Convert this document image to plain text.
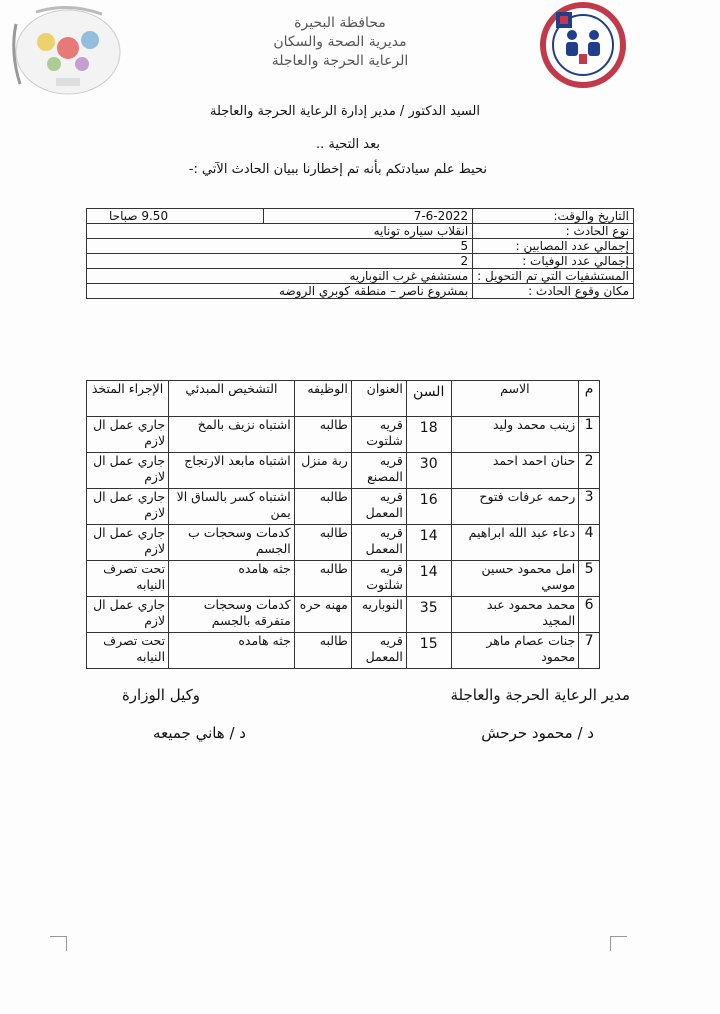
محافظة البحيرة
مديرية الصحة والسكان
الرعاية الحرجة والعاجلة
السيد الدكتور / مدير إدارة الرعاية الحرجة والعاجلة
بعد التحية ..
نحيط علم سيادتكم بأنه تم إخطارنا ببيان الحادث الآتي :-
التاريخ والوقت:	7-6-2022	9.50 صباحا
نوع الحادث :	انقلاب سياره تونايه	
إجمالي عدد المصابين :	5	
إجمالي عدد الوفيات :	2	
المستشفيات التي تم التحويل :	مستشفي غرب النوباريه	
مكان وقوع الحادث :	بمشروع ناصر – منطقه كوبري الروضه	
م	الاسم	السن	العنوان	الوظيفه	التشخيص المبدئي	الإجراء المتخذ
1	زينب محمد وليد	18	قريه شلتوت	طالبه	اشتباه نزيف بالمخ	جاري عمل ال لازم
2	حنان احمد احمد	30	قريه المصنع	ربة منزل	اشتباه مابعد الارتجاج	جاري عمل ال لازم
3	رحمه عرفات فتوح	16	قريه المعمل	طالبه	اشتباه كسر بالساق الا يمن	جاري عمل ال لازم
4	دعاء عبد الله ابراهيم	14	قريه المعمل	طالبه	كدمات وسحجات ب الجسم	جاري عمل ال لازم
5	امل محمود حسين موسي	14	قريه شلتوت	طالبه	جثه هامده	تحت تصرف النيابه
6	محمد محمود عبد المجيد	35	النوباريه	مهنه حره	كدمات وسحجات متفرقه بالجسم	جاري عمل ال لازم
7	جنات عصام ماهر محمود	15	قريه المعمل	طالبه	جثه هامده	تحت تصرف النيابه
مدير الرعاية الحرجة والعاجلة
د / محمود حرحش
وكيل الوزارة
د / هاني جميعه
